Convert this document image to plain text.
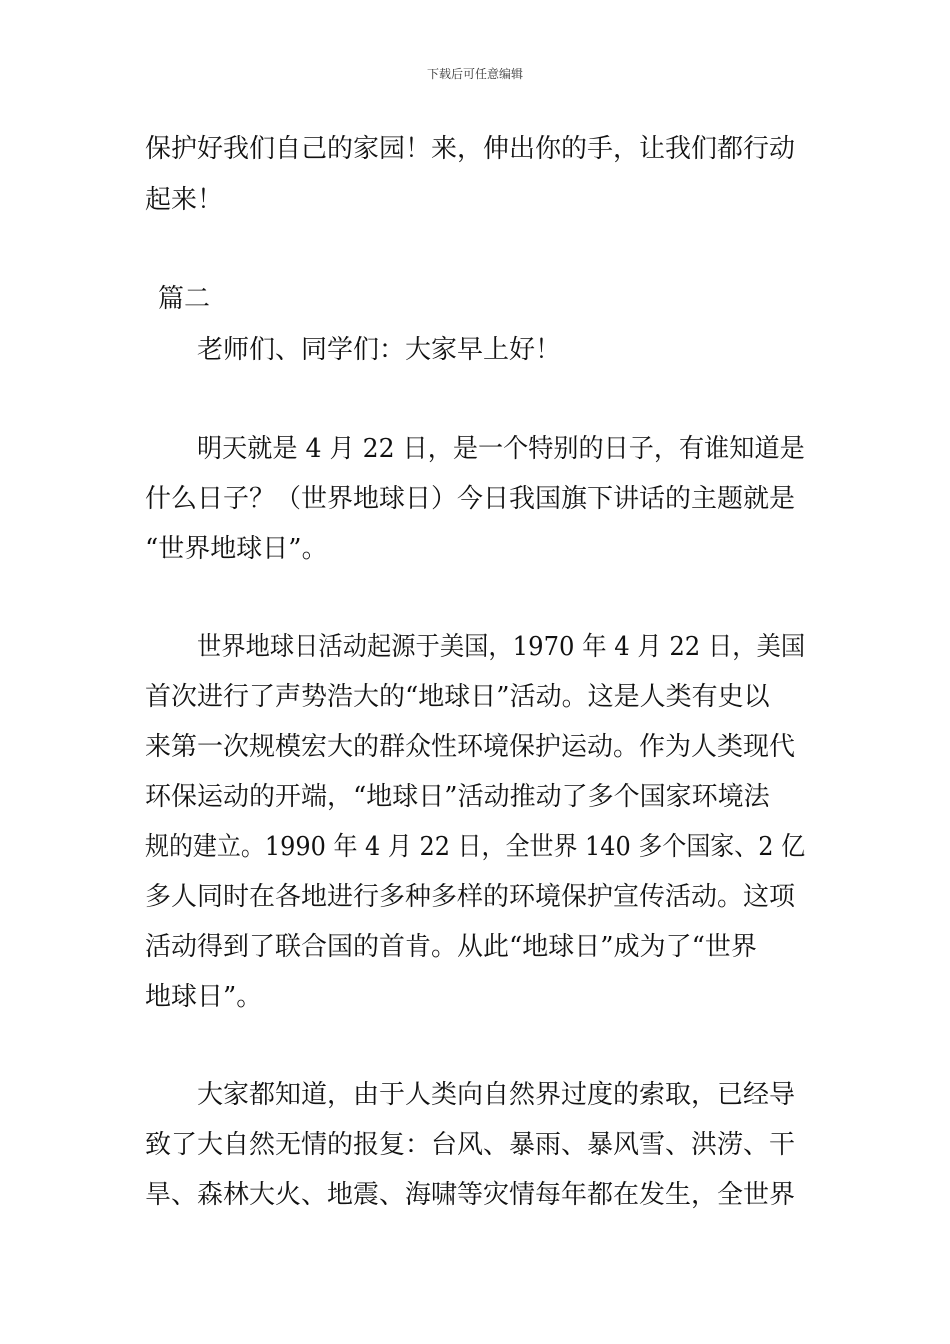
下载后可任意编辑
保护好我们自己的家园！来，伸出你的手，让我们都行动
起来！
篇二
老师们、同学们：大家早上好！
明天就是 4 月 22 日，是一个特别的日子，有谁知道是
什么日子？（世界地球日）今日我国旗下讲话的主题就是
“世界地球日”。
世界地球日活动起源于美国，1970 年 4 月 22 日，美国
首次进行了声势浩大的“地球日”活动。这是人类有史以
来第一次规模宏大的群众性环境保护运动。作为人类现代
环保运动的开端，“地球日”活动推动了多个国家环境法
规的建立。1990 年 4 月 22 日，全世界 140 多个国家、2 亿
多人同时在各地进行多种多样的环境保护宣传活动。这项
活动得到了联合国的首肯。从此“地球日”成为了“世界
地球日”。
大家都知道，由于人类向自然界过度的索取，已经导
致了大自然无情的报复：台风、暴雨、暴风雪、洪涝、干
旱、森林大火、地震、海啸等灾情每年都在发生，全世界
